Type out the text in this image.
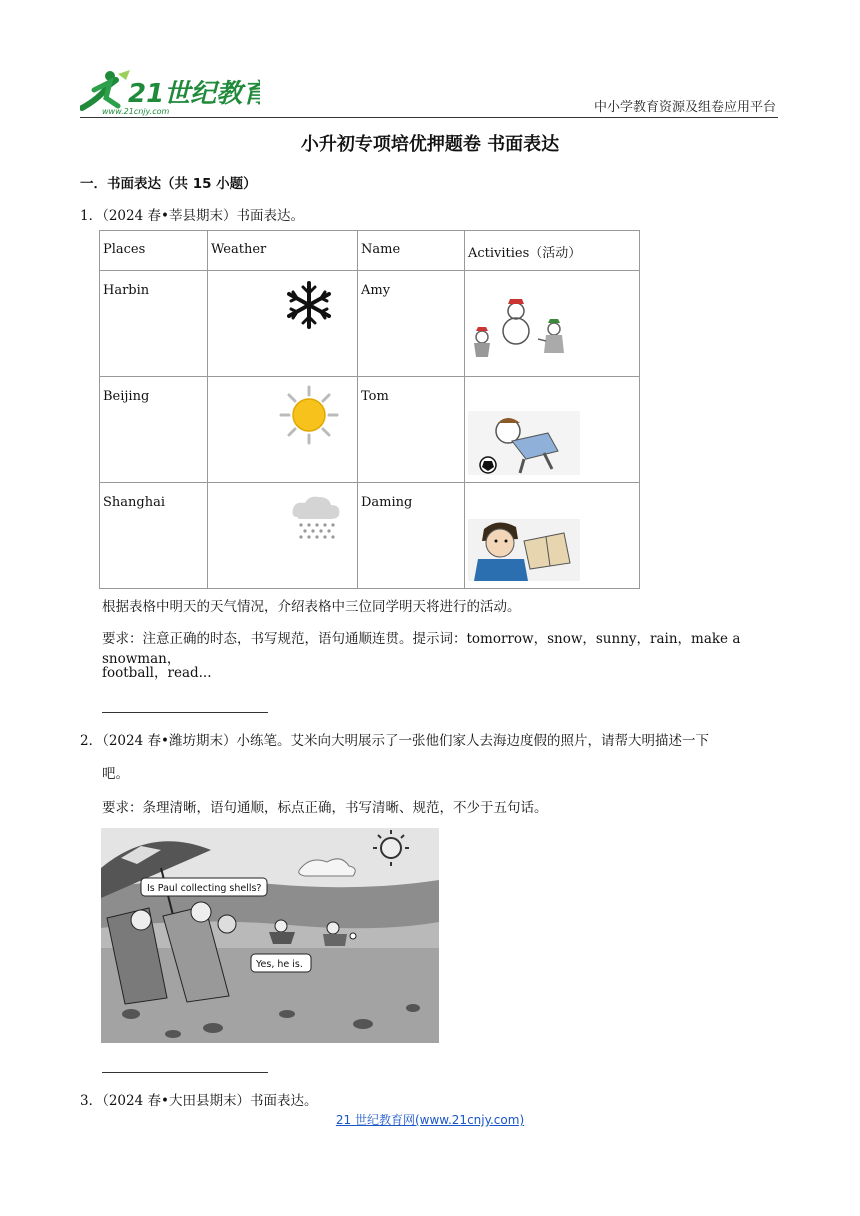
21世纪教育
www.21cnjy.com	中小学教育资源及组卷应用平台
小升初专项培优押题卷 书面表达
一．书面表达（共 15 小题）
1．（2024 春•莘县期末）书面表达。
Places	Weather	Name	Activities（活动）
Harbin		Amy	

Beijing		Tom	

Shanghai		Daming	
根据表格中明天的天气情况，介绍表格中三位同学明天将进行的活动。
要求：注意正确的时态，书写规范，语句通顺连贯。提示词：tomorrow，snow，sunny，rain，make a snowman，
football，read...
2．（2024 春•潍坊期末）小练笔。艾米向大明展示了一张他们家人去海边度假的照片，请帮大明描述一下
吧。
要求：条理清晰，语句通顺，标点正确，书写清晰、规范，不少于五句话。
Is Paul collecting shells?
Yes, he is.
3．（2024 春•大田县期末）书面表达。
21 世纪教育网(www.21cnjy.com)
